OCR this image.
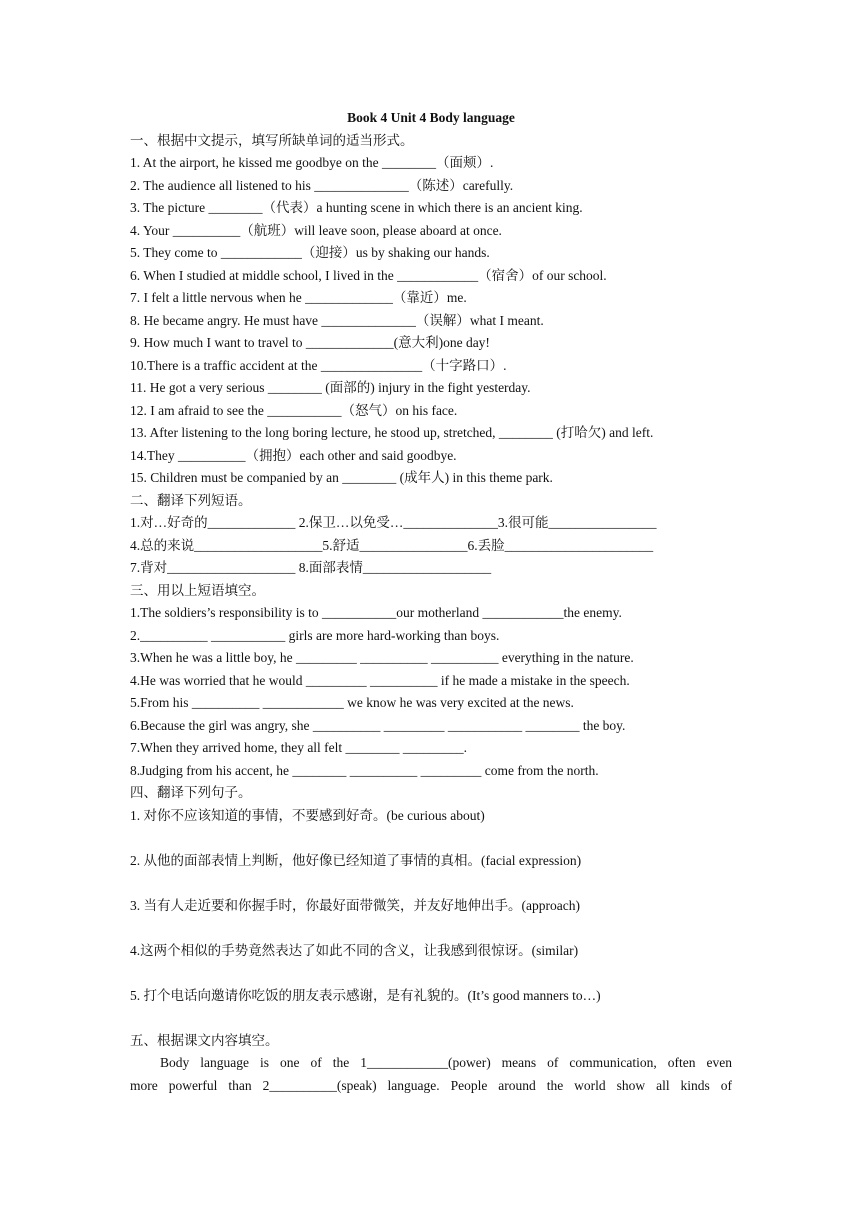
Book 4 Unit 4 Body language
一、根据中文提示，填写所缺单词的适当形式。
1. At the airport, he kissed me goodbye on the ________（面颊）.
2. The audience all listened to his ______________（陈述）carefully.
3. The picture ________（代表）a hunting scene in which there is an ancient king.
4. Your __________（航班）will leave soon, please aboard at once.
5. They come to ____________（迎接）us by shaking our hands.
6. When I studied at middle school, I lived in the ____________（宿舍）of our school.
7. I felt a little nervous when he _____________（靠近）me.
8. He became angry. He must have ______________（误解）what I meant.
9. How much I want to travel to _____________(意大利)one day!
10.There is a traffic accident at the _______________（十字路口）.
11. He got a very serious ________ (面部的) injury in the fight yesterday.
12. I am afraid to see the ___________（怒气）on his face.
13. After listening to the long boring lecture, he stood up, stretched, ________ (打哈欠) and left.
14.They __________（拥抱）each other and said goodbye.
15. Children must be companied by an ________ (成年人) in this theme park.
二、翻译下列短语。
1.对…好奇的_____________ 2.保卫…以免受…______________3.很可能________________
4.总的来说___________________5.舒适________________6.丢脸______________________
7.背对___________________ 8.面部表情___________________
三、用以上短语填空。
1.The soldiers’s responsibility is to ___________our motherland ____________the enemy.
2.__________ ___________ girls are more hard-working than boys.
3.When he was a little boy, he _________ __________ __________ everything in the nature.
4.He was worried that he would _________ __________ if he made a mistake in the speech.
5.From his __________ ____________ we know he was very excited at the news.
6.Because the girl was angry, she __________ _________ ___________ ________ the boy.
7.When they arrived home, they all felt ________ _________.
8.Judging from his accent, he ________ __________ _________ come from the north.
四、翻译下列句子。
1. 对你不应该知道的事情，不要感到好奇。(be curious about)
2. 从他的面部表情上判断，他好像已经知道了事情的真相。(facial expression)
3. 当有人走近要和你握手时，你最好面带微笑，并友好地伸出手。(approach)
4.这两个相似的手势竟然表达了如此不同的含义，让我感到很惊讶。(similar)
5. 打个电话向邀请你吃饭的朋友表示感谢，是有礼貌的。(It’s good manners to…)
五、根据课文内容填空。
Body language is one of the 1____________(power) means of communication, often even
more powerful than 2__________(speak) language. People around the world show all kinds of
